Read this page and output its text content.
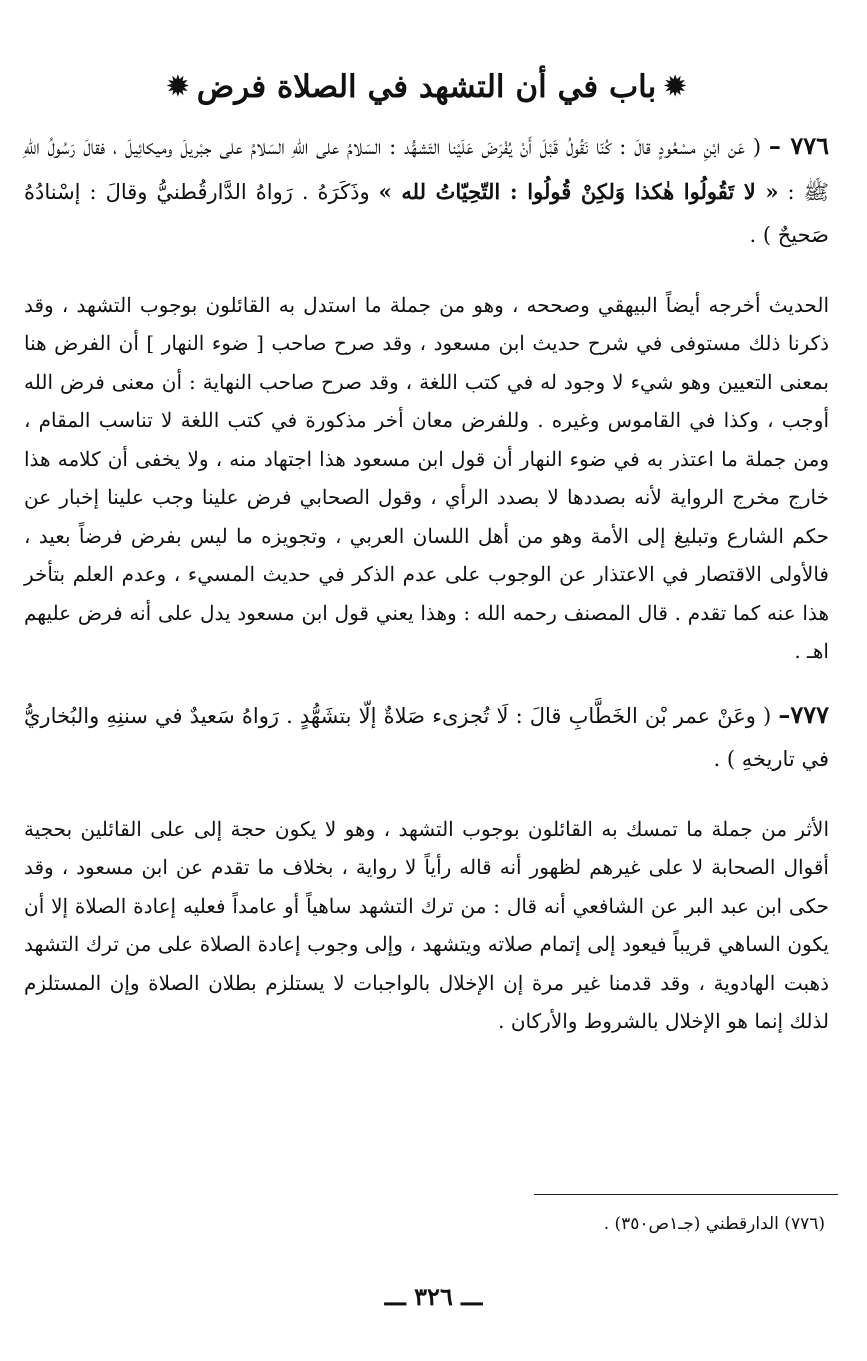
✹باب في أن التشهد في الصلاة فرض✹
٧٧٦ – ( عَن ابْنِ مسْعُودٍ قالَ : كُنّا نَقُولُ قَبْلَ أَنْ يُفْرَضَ عَلَيْنا التَشهُّد : السَلامُ على اللهِ السَلامُ على جبْريلَ وميكائِيلَ ، فقالَ رَسُولُ اللهِ ﷺ : « لا تَقُولُوا هٰكذا وَلكِنْ قُولُوا : التّحِيّاتُ لله » وذَكَرَهُ . رَواهُ الدَّارقُطنيُّ وقالَ : إسْنادُهُ صَحيحٌ ) .
الحديث أخرجه أيضاً البيهقي وصححه ، وهو من جملة ما استدل به القائلون بوجوب التشهد ، وقد ذكرنا ذلك مستوفى في شرح حديث ابن مسعود ، وقد صرح صاحب [ ضوء النهار ] أن الفرض هنا بمعنى التعيين وهو شيء لا وجود له في كتب اللغة ، وقد صرح صاحب النهاية : أن معنى فرض الله أوجب ، وكذا في القاموس وغيره . وللفرض معان أخر مذكورة في كتب اللغة لا تناسب المقام ، ومن جملة ما اعتذر به في ضوء النهار أن قول ابن مسعود هذا اجتهاد منه ، ولا يخفى أن كلامه هذا خارج مخرج الرواية لأنه بصددها لا بصدد الرأي ، وقول الصحابي فرض علينا وجب علينا إخبار عن حكم الشارع وتبليغ إلى الأمة وهو من أهل اللسان العربي ، وتجويزه ما ليس بفرض فرضاً بعيد ، فالأولى الاقتصار في الاعتذار عن الوجوب على عدم الذكر في حديث المسيء ، وعدم العلم بتأخر هذا عنه كما تقدم . قال المصنف رحمه الله : وهذا يعني قول ابن مسعود يدل على أنه فرض عليهم اهـ .
٧٧٧– ( وعَنْ عمر بْن الخَطَّابِ قالَ : لَا تُجزىء صَلاةٌ إلّا بتشَهُّدٍ . رَواهُ سَعيدٌ في سننِهِ والبُخاريُّ في تاريخهِ ) .
الأثر من جملة ما تمسك به القائلون بوجوب التشهد ، وهو لا يكون حجة إلى على القائلين بحجية أقوال الصحابة لا على غيرهم لظهور أنه قاله رأياً لا رواية ، بخلاف ما تقدم عن ابن مسعود ، وقد حكى ابن عبد البر عن الشافعي أنه قال : من ترك التشهد ساهياً أو عامداً فعليه إعادة الصلاة إلا أن يكون الساهي قريباً فيعود إلى إتمام صلاته ويتشهد ، وإلى وجوب إعادة الصلاة على من ترك التشهد ذهبت الهادوية ، وقد قدمنا غير مرة إن الإخلال بالواجبات لا يستلزم بطلان الصلاة وإن المستلزم لذلك إنما هو الإخلال بالشروط والأركان .
(٧٧٦) الدارقطني (جـ١ص٣٥٠) .
ـــ ٣٢٦ ـــ
